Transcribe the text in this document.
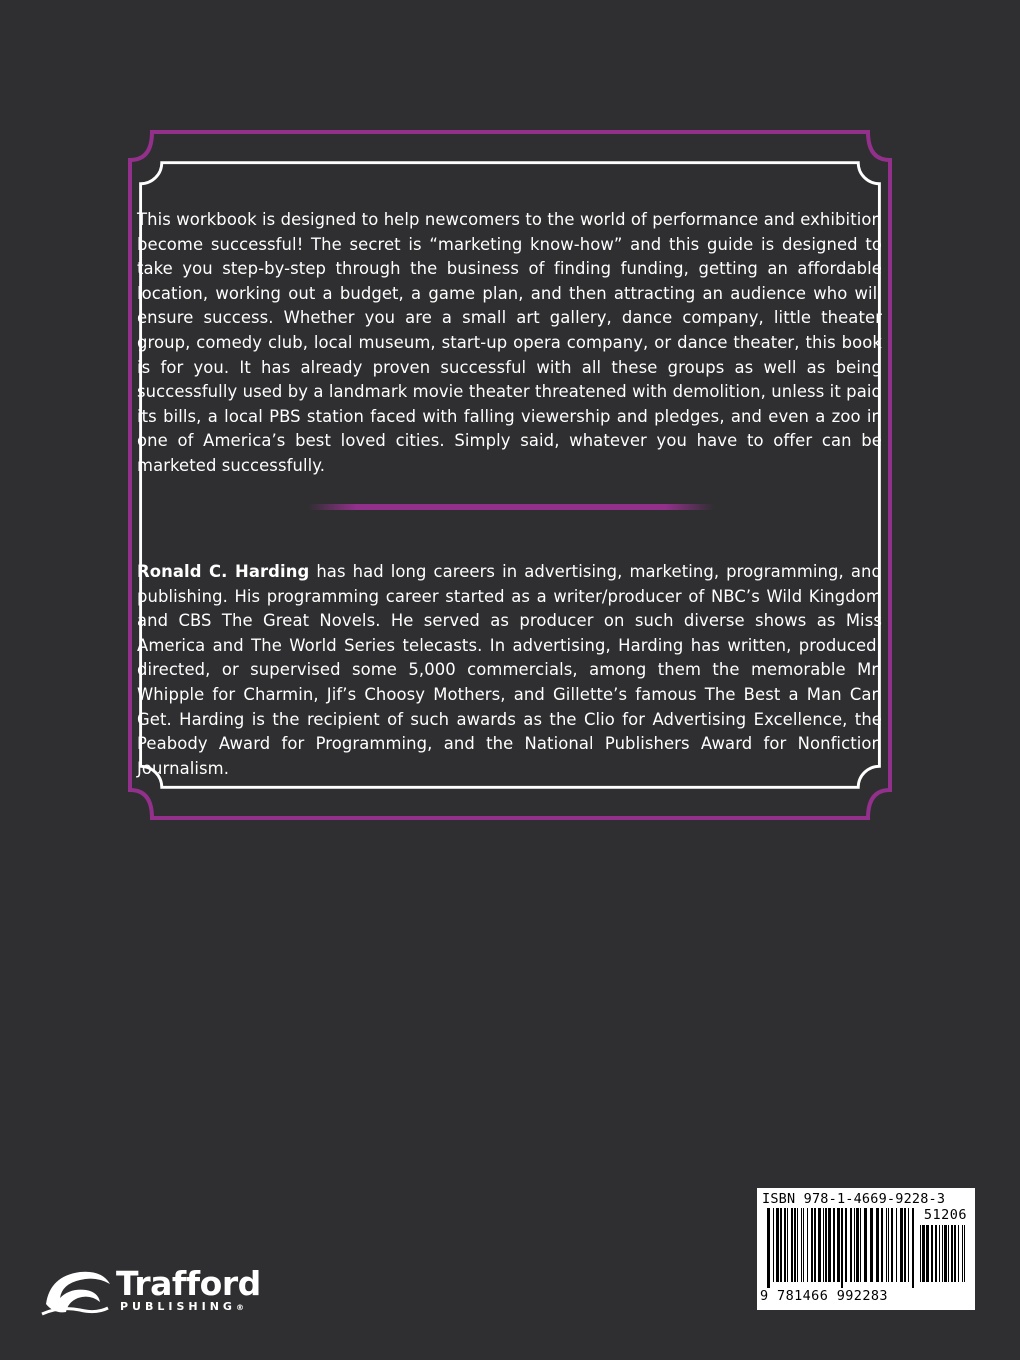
This workbook is designed to help newcomers to the world of performance and exhibition become successful! The secret is “marketing know-how” and this guide is designed to take you step-by-step through the business of finding funding, getting an affordable location, working out a budget, a game plan, and then attracting an audience who will ensure success. Whether you are a small art gallery, dance company, little theater group, comedy club, local museum, start-up opera company, or dance theater, this book is for you. It has already proven successful with all these groups as well as being successfully used by a landmark movie theater threatened with demolition, unless it paid its bills, a local PBS station faced with falling viewership and pledges, and even a zoo in one of America’s best loved cities. Simply said, whatever you have to offer can be marketed successfully.

Ronald C. Harding has had long careers in advertising, marketing, programming, and publishing. His programming career started as a writer/producer of NBC’s Wild Kingdom and CBS The Great Novels. He served as producer on such diverse shows as Miss America and The World Series telecasts. In advertising, Harding has written, produced, directed, or supervised some 5,000 commercials, among them the memorable Mr. Whipple for Charmin, Jif’s Choosy Mothers, and Gillette’s famous The Best a Man Can Get. Harding is the recipient of such awards as the Clio for Advertising Excellence, the Peabody Award for Programming, and the National Publishers Award for Nonfiction Journalism.

Trafford
PUBLISHING®
ISBN 978-1-4669-9228-3
51206
9 781466 992283
